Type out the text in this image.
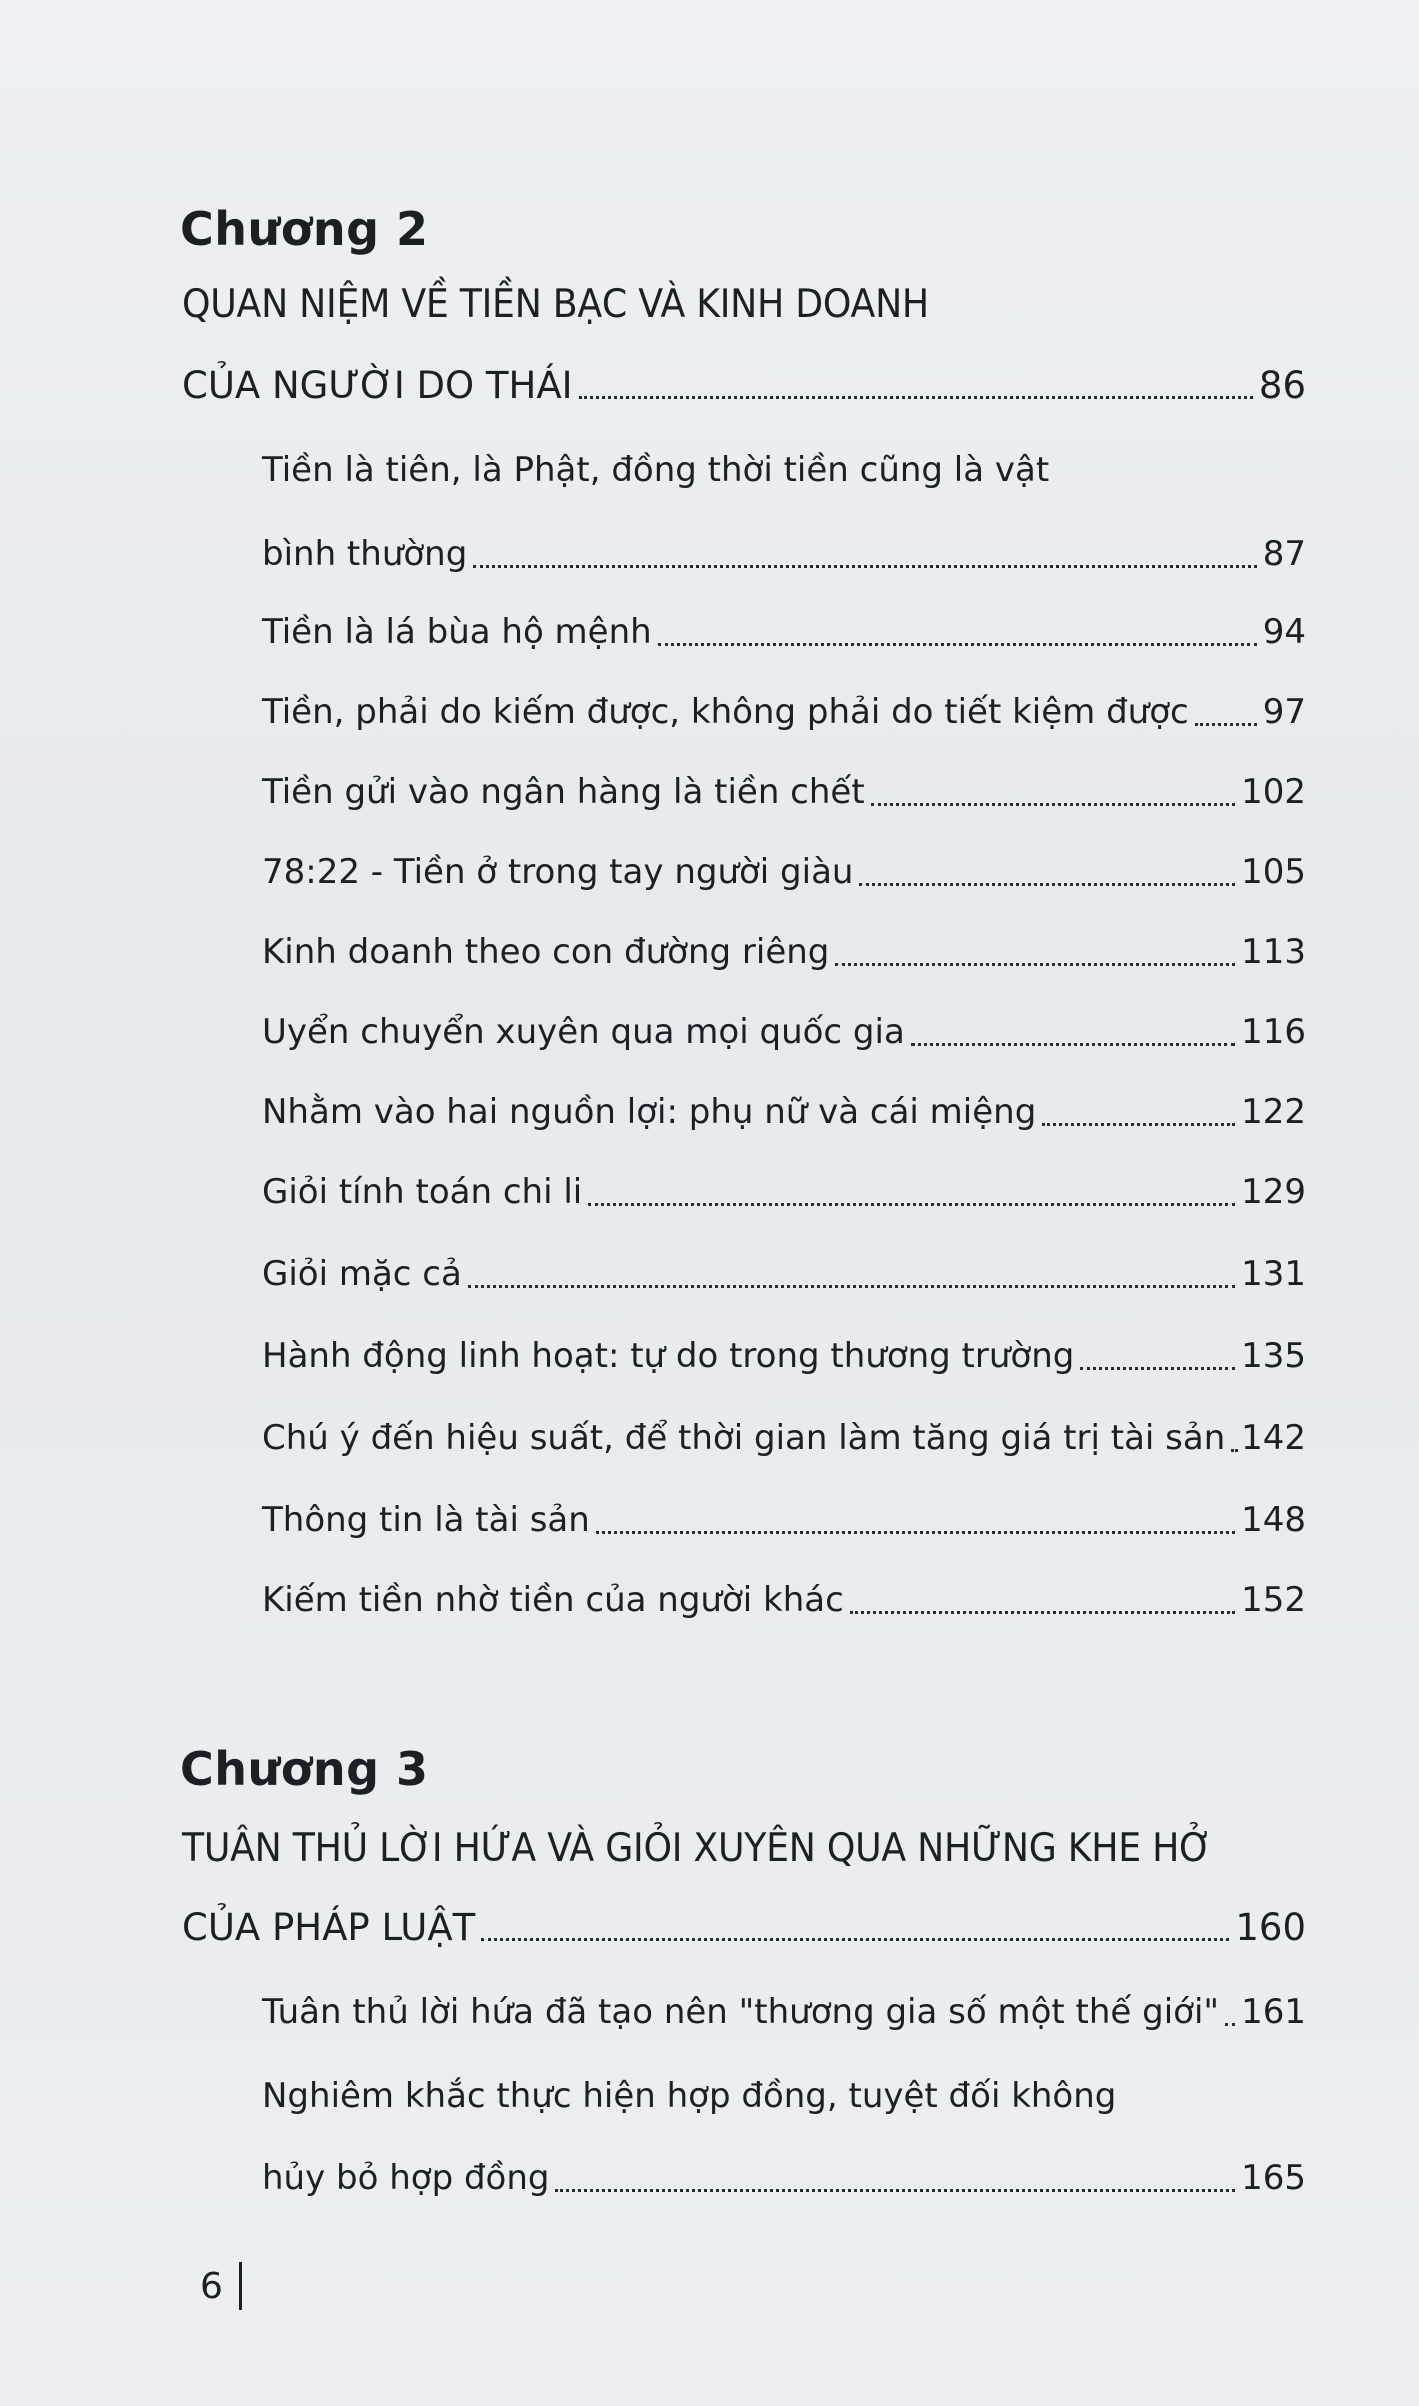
Chương 2
QUAN NIỆM VỀ TIỀN BẠC VÀ KINH DOANH
CỦA NGƯỜI DO THÁI	86
Tiền là tiên, là Phật, đồng thời tiền cũng là vật
bình thường	87
Tiền là lá bùa hộ mệnh	94
Tiền, phải do kiếm được, không phải do tiết kiệm được 97
Tiền gửi vào ngân hàng là tiền chết	102
78:22 - Tiền ở trong tay người giàu	105
Kinh doanh theo con đường riêng	113
Uyển chuyển xuyên qua mọi quốc gia	116
Nhằm vào hai nguồn lợi: phụ nữ và cái miệng	122
Giỏi tính toán chi li	129
Giỏi mặc cả	131
Hành động linh hoạt: tự do trong thương trường	135
Chú ý đến hiệu suất, để thời gian làm tăng giá trị tài sản 142
Thông tin là tài sản	148
Kiếm tiền nhờ tiền của người khác	152
Chương 3
TUÂN THỦ LỜI HỨA VÀ GIỎI XUYÊN QUA NHỮNG KHE HỞ
CỦA PHÁP LUẬT	160
Tuân thủ lời hứa đã tạo nên "thương gia số một thế giới" 161
Nghiêm khắc thực hiện hợp đồng, tuyệt đối không
hủy bỏ hợp đồng	165
6
